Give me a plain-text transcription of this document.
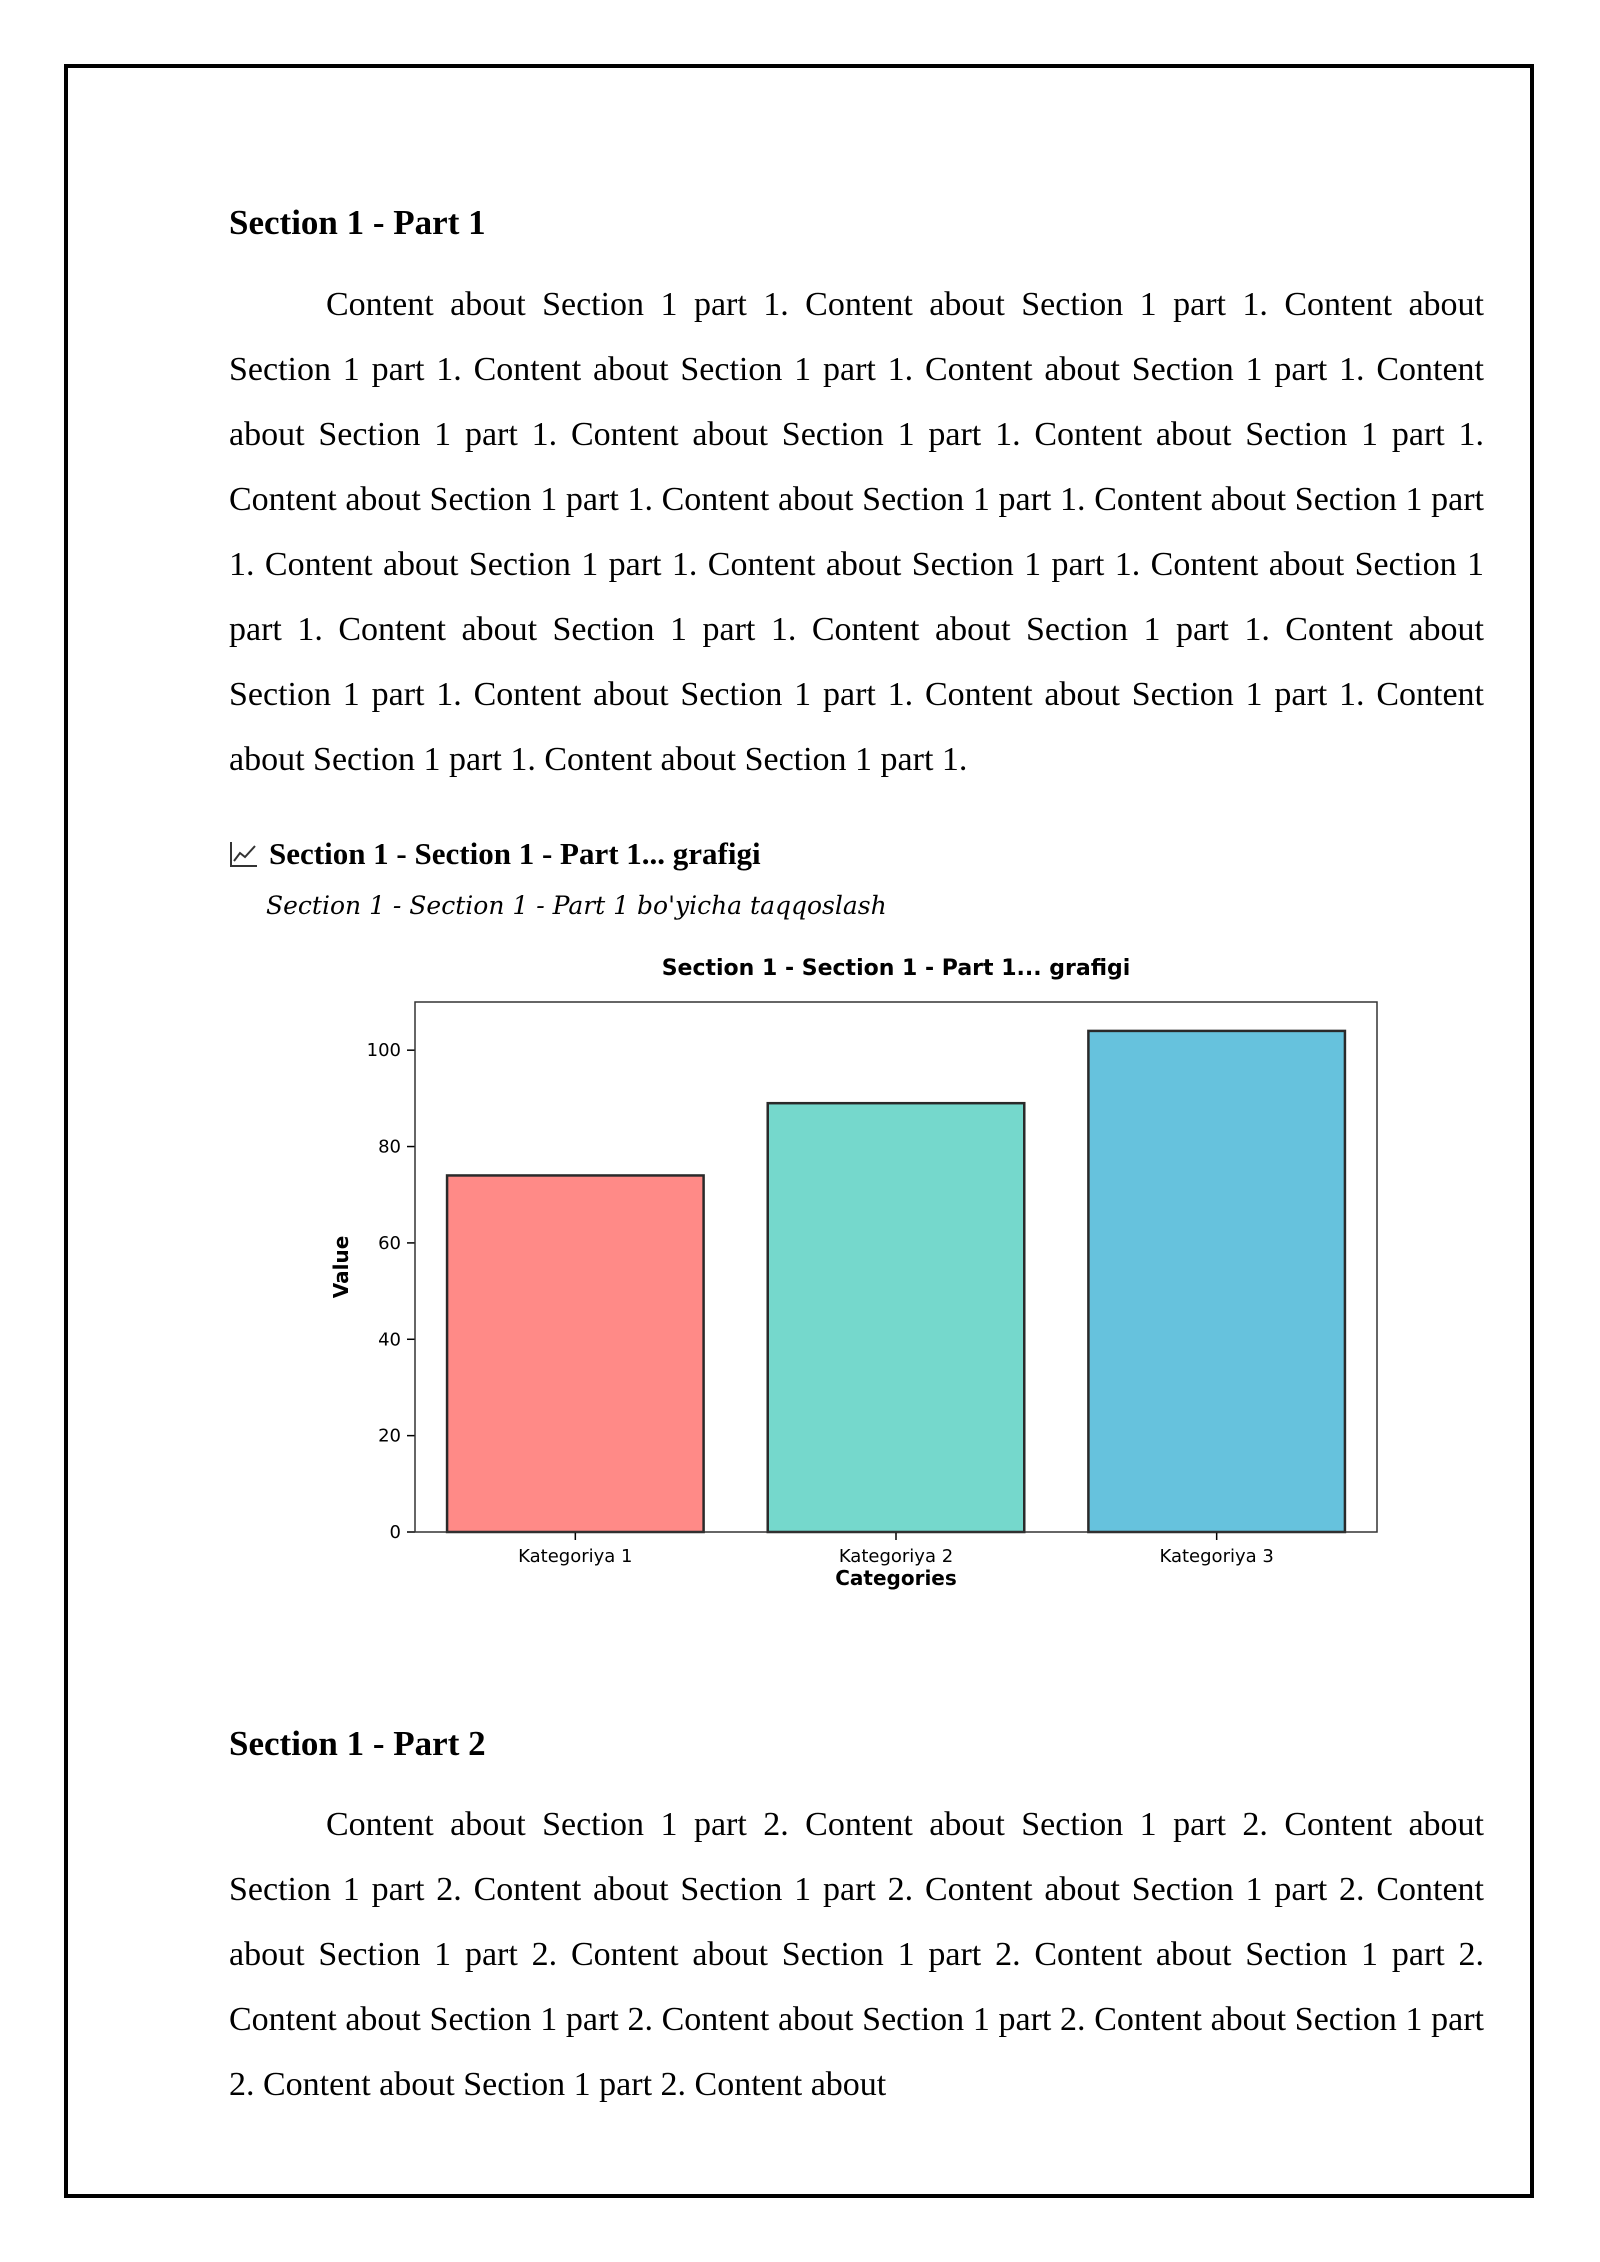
Section 1 - Part 1

Content about Section 1 part 1. Content about Section 1 part 1. Content about Section 1 part 1. Content about Section 1 part 1. Content about Section 1 part 1. Content about Section 1 part 1. Content about Section 1 part 1. Content about Section 1 part 1. Content about Section 1 part 1. Content about Section 1 part 1. Content about Section 1 part 1. Content about Section 1 part 1. Content about Section 1 part 1. Content about Section 1 part 1. Content about Section 1 part 1. Content about Section 1 part 1. Content about Section 1 part 1. Content about Section 1 part 1. Content about Section 1 part 1. Content about Section 1 part 1. Content about Section 1 part 1.

Section 1 - Section 1 - Part 1... grafigi
Section 1 - Section 1 - Part 1 bo'yicha taqqoslash
Section 1 - Section 1 - Part 1... grafigi
Value
Categories
Kategoriya 1	Kategoriya 2	Kategoriya 3
0
20
40
60
80
100
Section 1 - Part 2

Content about Section 1 part 2. Content about Section 1 part 2. Content about Section 1 part 2. Content about Section 1 part 2. Content about Section 1 part 2. Content about Section 1 part 2. Content about Section 1 part 2. Content about Section 1 part 2. Content about Section 1 part 2. Content about Section 1 part 2. Content about Section 1 part 2. Content about Section 1 part 2. Content about
